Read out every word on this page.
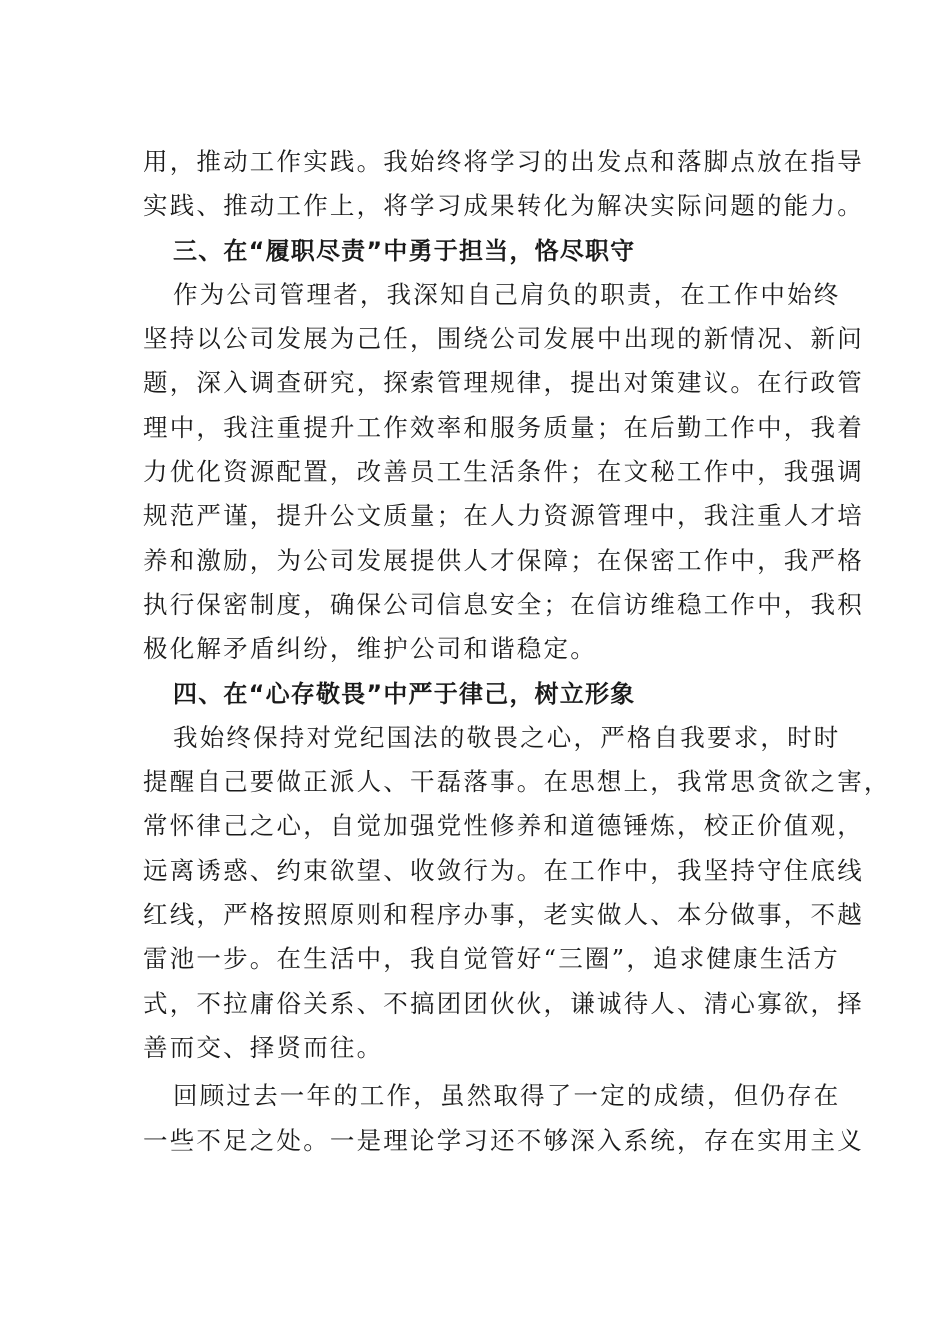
用，推动工作实践。我始终将学习的出发点和落脚点放在指导
实践、推动工作上，将学习成果转化为解决实际问题的能力。
三、在“履职尽责”中勇于担当，恪尽职守
作为公司管理者，我深知自己肩负的职责，在工作中始终
坚持以公司发展为己任，围绕公司发展中出现的新情况、新问
题，深入调查研究，探索管理规律，提出对策建议。在行政管
理中，我注重提升工作效率和服务质量；在后勤工作中，我着
力优化资源配置，改善员工生活条件；在文秘工作中，我强调
规范严谨，提升公文质量；在人力资源管理中，我注重人才培
养和激励，为公司发展提供人才保障；在保密工作中，我严格
执行保密制度，确保公司信息安全；在信访维稳工作中，我积
极化解矛盾纠纷，维护公司和谐稳定。
四、在“心存敬畏”中严于律己，树立形象
我始终保持对党纪国法的敬畏之心，严格自我要求，时时
提醒自己要做正派人、干磊落事。在思想上，我常思贪欲之害，
常怀律己之心，自觉加强党性修养和道德锤炼，校正价值观，
远离诱惑、约束欲望、收敛行为。在工作中，我坚持守住底线
红线，严格按照原则和程序办事，老实做人、本分做事，不越
雷池一步。在生活中，我自觉管好“三圈”，追求健康生活方
式，不拉庸俗关系、不搞团团伙伙，谦诚待人、清心寡欲，择
善而交、择贤而往。
回顾过去一年的工作，虽然取得了一定的成绩，但仍存在
一些不足之处。一是理论学习还不够深入系统，存在实用主义
